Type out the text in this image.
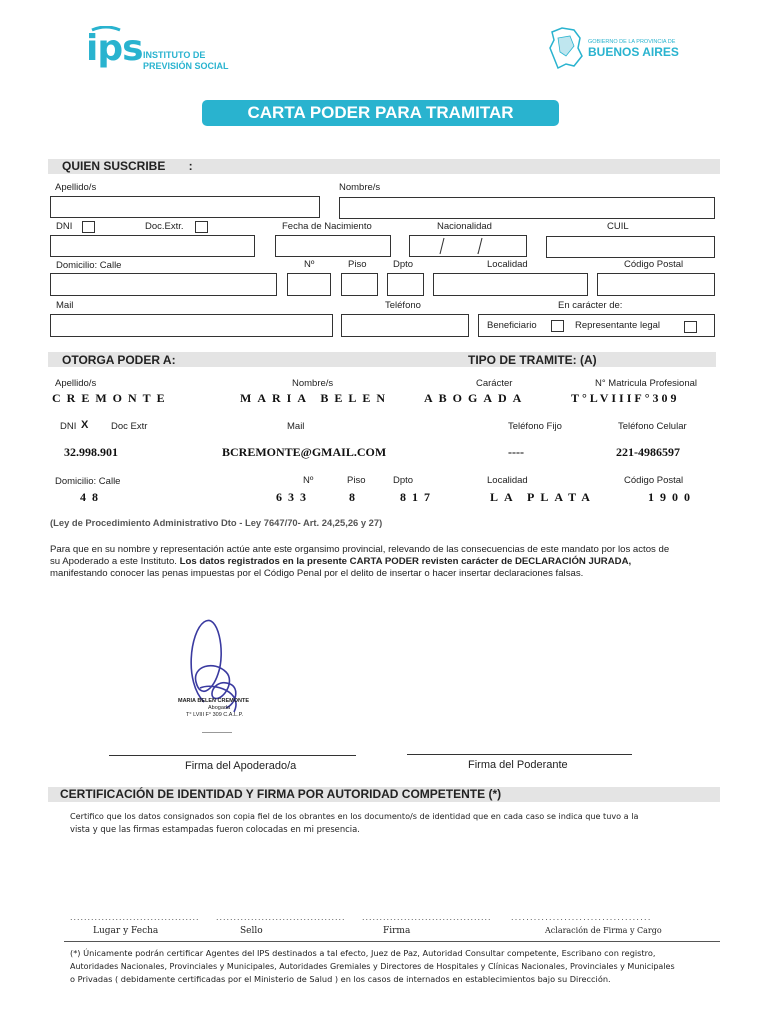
ips INSTITUTO DE
PREVISIÓN SOCIAL
GOBIERNO DE LA PROVINCIA DE
BUENOS AIRES
CARTA PODER PARA TRAMITAR
QUIEN SUSCRIBE       :
Apellido/s	Nombre/s
DNI	Doc.Extr.	Fecha de Nacimiento	Nacionalidad	CUIL
Domicilio: Calle	Nº	Piso	Dpto	Localidad	Código Postal
Mail	Teléfono	En carácter de:
Beneficiario	Representante legal
OTORGA PODER A:	TIPO DE TRAMITE: (A)
Apellido/s	Nombre/s	Carácter	N° Matricula Profesional
CREMONTE	MARIA BELEN	ABOGADA	T°LVIIIF°309
DNI X Doc Extr	Mail	Teléfono Fijo	Teléfono Celular
32.998.901	BCREMONTE@GMAIL.COM	----	221-4986597
Domicilio: Calle	Nº	Piso	Dpto	Localidad	Código Postal
48	633	8	817	LA PLATA	1900
(Ley de Procedimiento Administrativo Dto - Ley 7647/70- Art. 24,25,26 y 27)
Para que en su nombre y representación actúe ante este organsimo provincial, relevando de las consecuencias de este mandato por los actos de
su Apoderado a este Instituto. Los datos registrados en la presente CARTA PODER revisten carácter de DECLARACIÓN JURADA,
manifestando conocer las penas impuestas por el Código Penal por el delito de insertar o hacer insertar declaraciones falsas.
MARIA BELEN CREMONTE
Abogada
T° LVIII F° 309 C.A.L.P.
Firma del Apoderado/a	Firma del Poderante
CERTIFICACIÓN DE IDENTIDAD Y FIRMA POR AUTORIDAD COMPETENTE (*)
Certifico que los datos consignados son copia fiel de los obrantes en los documento/s de identidad que en cada caso se indica que tuvo a la
vista y que las firmas estampadas fueron colocadas en mi presencia.
..................................... ..................................... ..................................... .....................................
Lugar y Fecha	Sello	Firma	Aclaración de Firma y Cargo
(*) Únicamente podrán certificar Agentes del IPS destinados a tal efecto, Juez de Paz, Autoridad Consultar competente, Escribano con registro,
Autoridades Nacionales, Provinciales y Municipales, Autoridades Gremiales y Directores de Hospitales y Clínicas Nacionales, Provinciales y Municipales
o Privadas ( debidamente certificadas por el Ministerio de Salud ) en los casos de internados en establecimientos bajo su Dirección.
